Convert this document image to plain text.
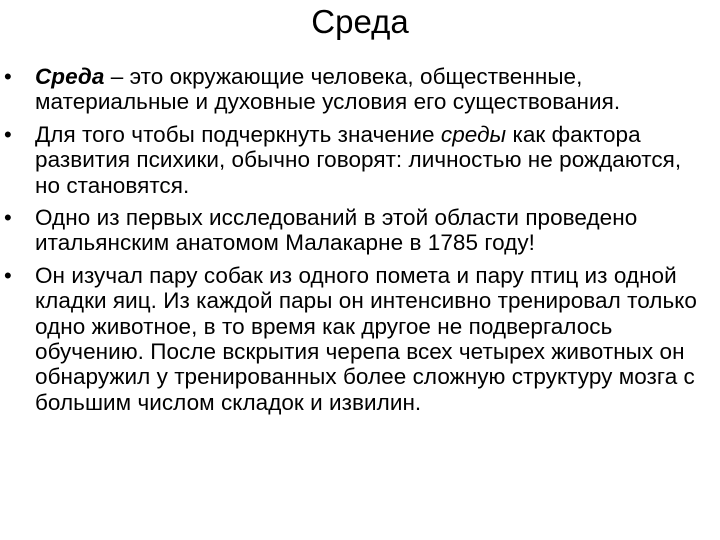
Среда
• Среда – это окружающие человека, общественные, материальные и духовные условия его существования.
• Для того чтобы подчеркнуть значение среды как фактора развития психики, обычно говорят: личностью не рождаются, но становятся.
• Одно из первых исследований в этой области проведено итальянским анатомом Малакарне в 1785 году!
• Он изучал пару собак из одного помета и пару птиц из одной кладки яиц. Из каждой пары он интенсивно тренировал только одно животное, в то время как другое не подвергалось обучению. После вскрытия черепа всех четырех животных он обнаружил у тренированных более сложную структуру мозга с большим числом складок и извилин.
